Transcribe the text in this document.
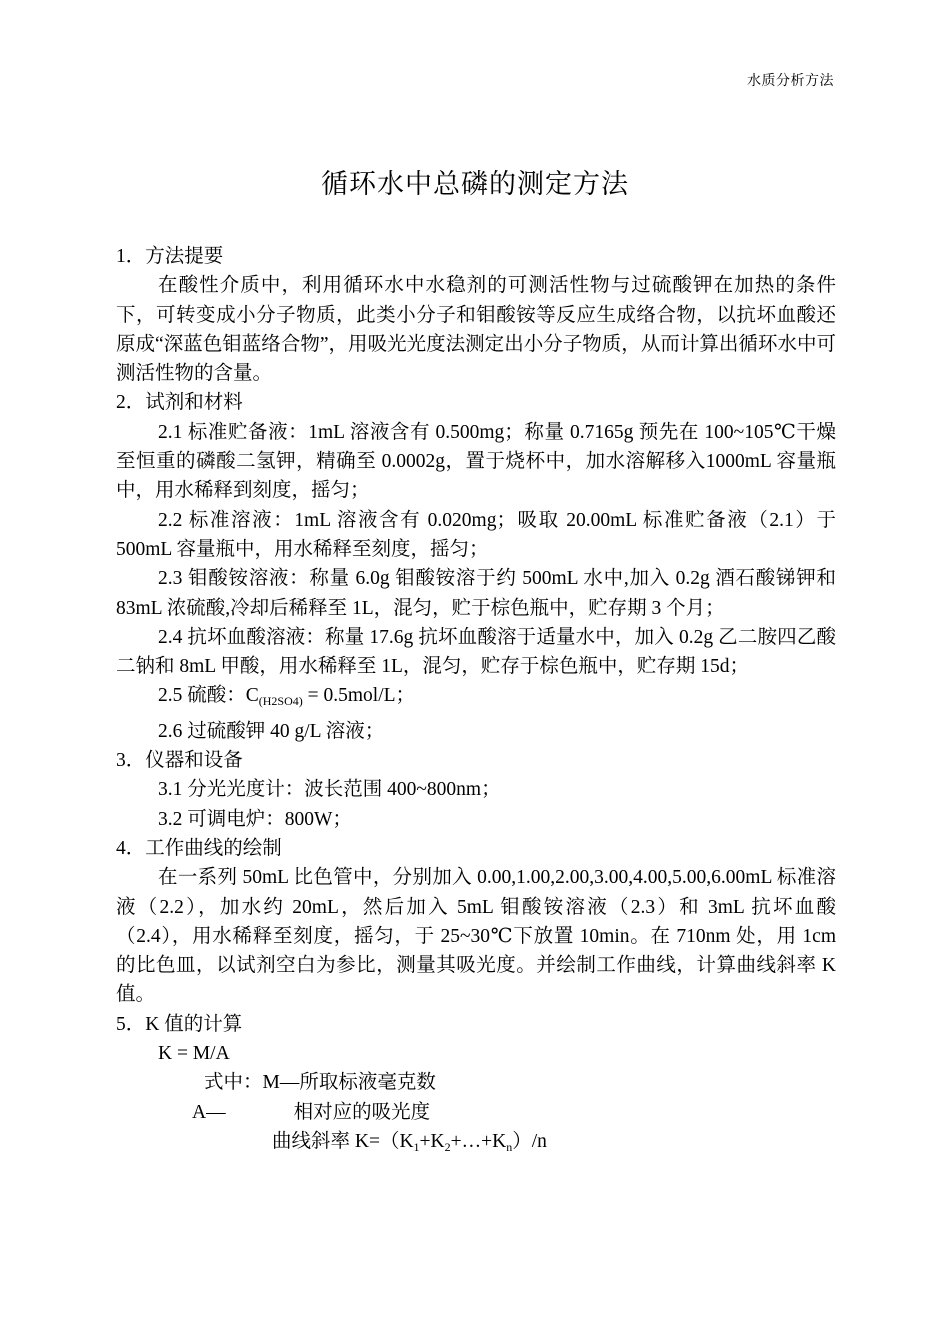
水质分析方法
循环水中总磷的测定方法
1．方法提要
在酸性介质中，利用循环水中水稳剂的可测活性物与过硫酸钾在加热的条件下，可转变成小分子物质，此类小分子和钼酸铵等反应生成络合物，以抗坏血酸还原成“深蓝色钼蓝络合物”，用吸光光度法测定出小分子物质，从而计算出循环水中可测活性物的含量。
2．试剂和材料
2.1 标准贮备液：1mL 溶液含有 0.500mg；称量 0.7165g 预先在 100~105℃干燥至恒重的磷酸二氢钾，精确至 0.0002g，置于烧杯中，加水溶解移入1000mL 容量瓶中，用水稀释到刻度，摇匀；
2.2 标准溶液：1mL 溶液含有 0.020mg；吸取 20.00mL 标准贮备液（2.1）于 500mL 容量瓶中，用水稀释至刻度，摇匀；
2.3 钼酸铵溶液：称量 6.0g 钼酸铵溶于约 500mL 水中,加入 0.2g 酒石酸锑钾和 83mL 浓硫酸,冷却后稀释至 1L，混匀，贮于棕色瓶中，贮存期 3 个月；
2.4 抗坏血酸溶液：称量 17.6g 抗坏血酸溶于适量水中，加入 0.2g 乙二胺四乙酸二钠和 8mL 甲酸，用水稀释至 1L，混匀，贮存于棕色瓶中，贮存期 15d；
2.5 硫酸：$C_{(H2SO4)} = 0.5mol/L$；
2.6 过硫酸钾 40 g/L 溶液；
3．仪器和设备
3.1 分光光度计：波长范围 400~800nm；
3.2 可调电炉：800W；
4．工作曲线的绘制
在一系列 50mL 比色管中，分别加入 0.00,1.00,2.00,3.00,4.00,5.00,6.00mL 标准溶液（2.2），加水约 20mL，然后加入 5mL 钼酸铵溶液（2.3）和 3mL 抗坏血酸（2.4），用水稀释至刻度，摇匀，于 25~30℃下放置 10min。在 710nm 处，用 1cm 的比色皿，以试剂空白为参比，测量其吸光度。并绘制工作曲线，计算曲线斜率 K 值。
5．K 值的计算
K = M/A
式中：M—所取标液毫克数
A—	相对应的吸光度
曲线斜率 $K=(K_1+K_2+\dots+K_n)/n$
